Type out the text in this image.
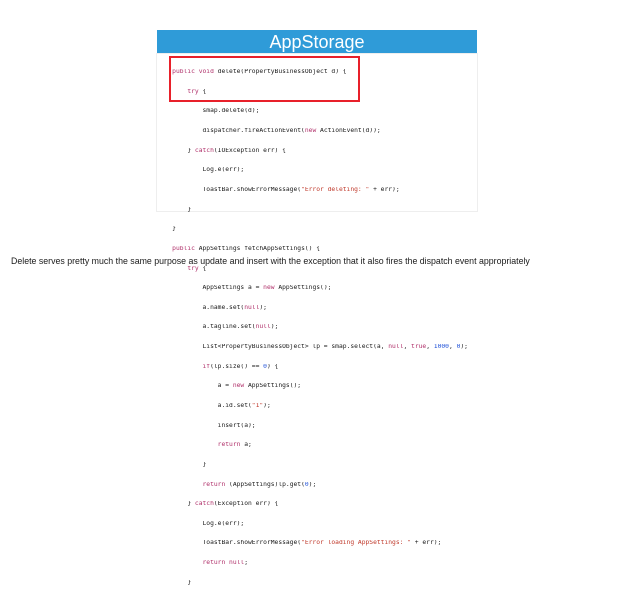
AppStorage

public void delete(PropertyBusinessObject d) {

try {

smap.delete(d);

dispatcher.fireActionEvent(new ActionEvent(d));

} catch(IOException err) {

Log.e(err);

ToastBar.showErrorMessage("Error deleting: " + err);

}

}

public AppSettings fetchAppSettings() {

try {

AppSettings a = new AppSettings();

a.name.set(null);

a.tagline.set(null);

List<PropertyBusinessObject> lp = smap.select(a, null, true, 1000, 0);

if(lp.size() == 0) {

a = new AppSettings();

a.id.set("1");

insert(a);

return a;

}

return (AppSettings)lp.get(0);

} catch(Exception err) {

Log.e(err);

ToastBar.showErrorMessage("Error loading AppSettings: " + err);

return null;

}

Delete serves pretty much the same purpose as update and insert with the exception that it also fires the dispatch event appropriately
